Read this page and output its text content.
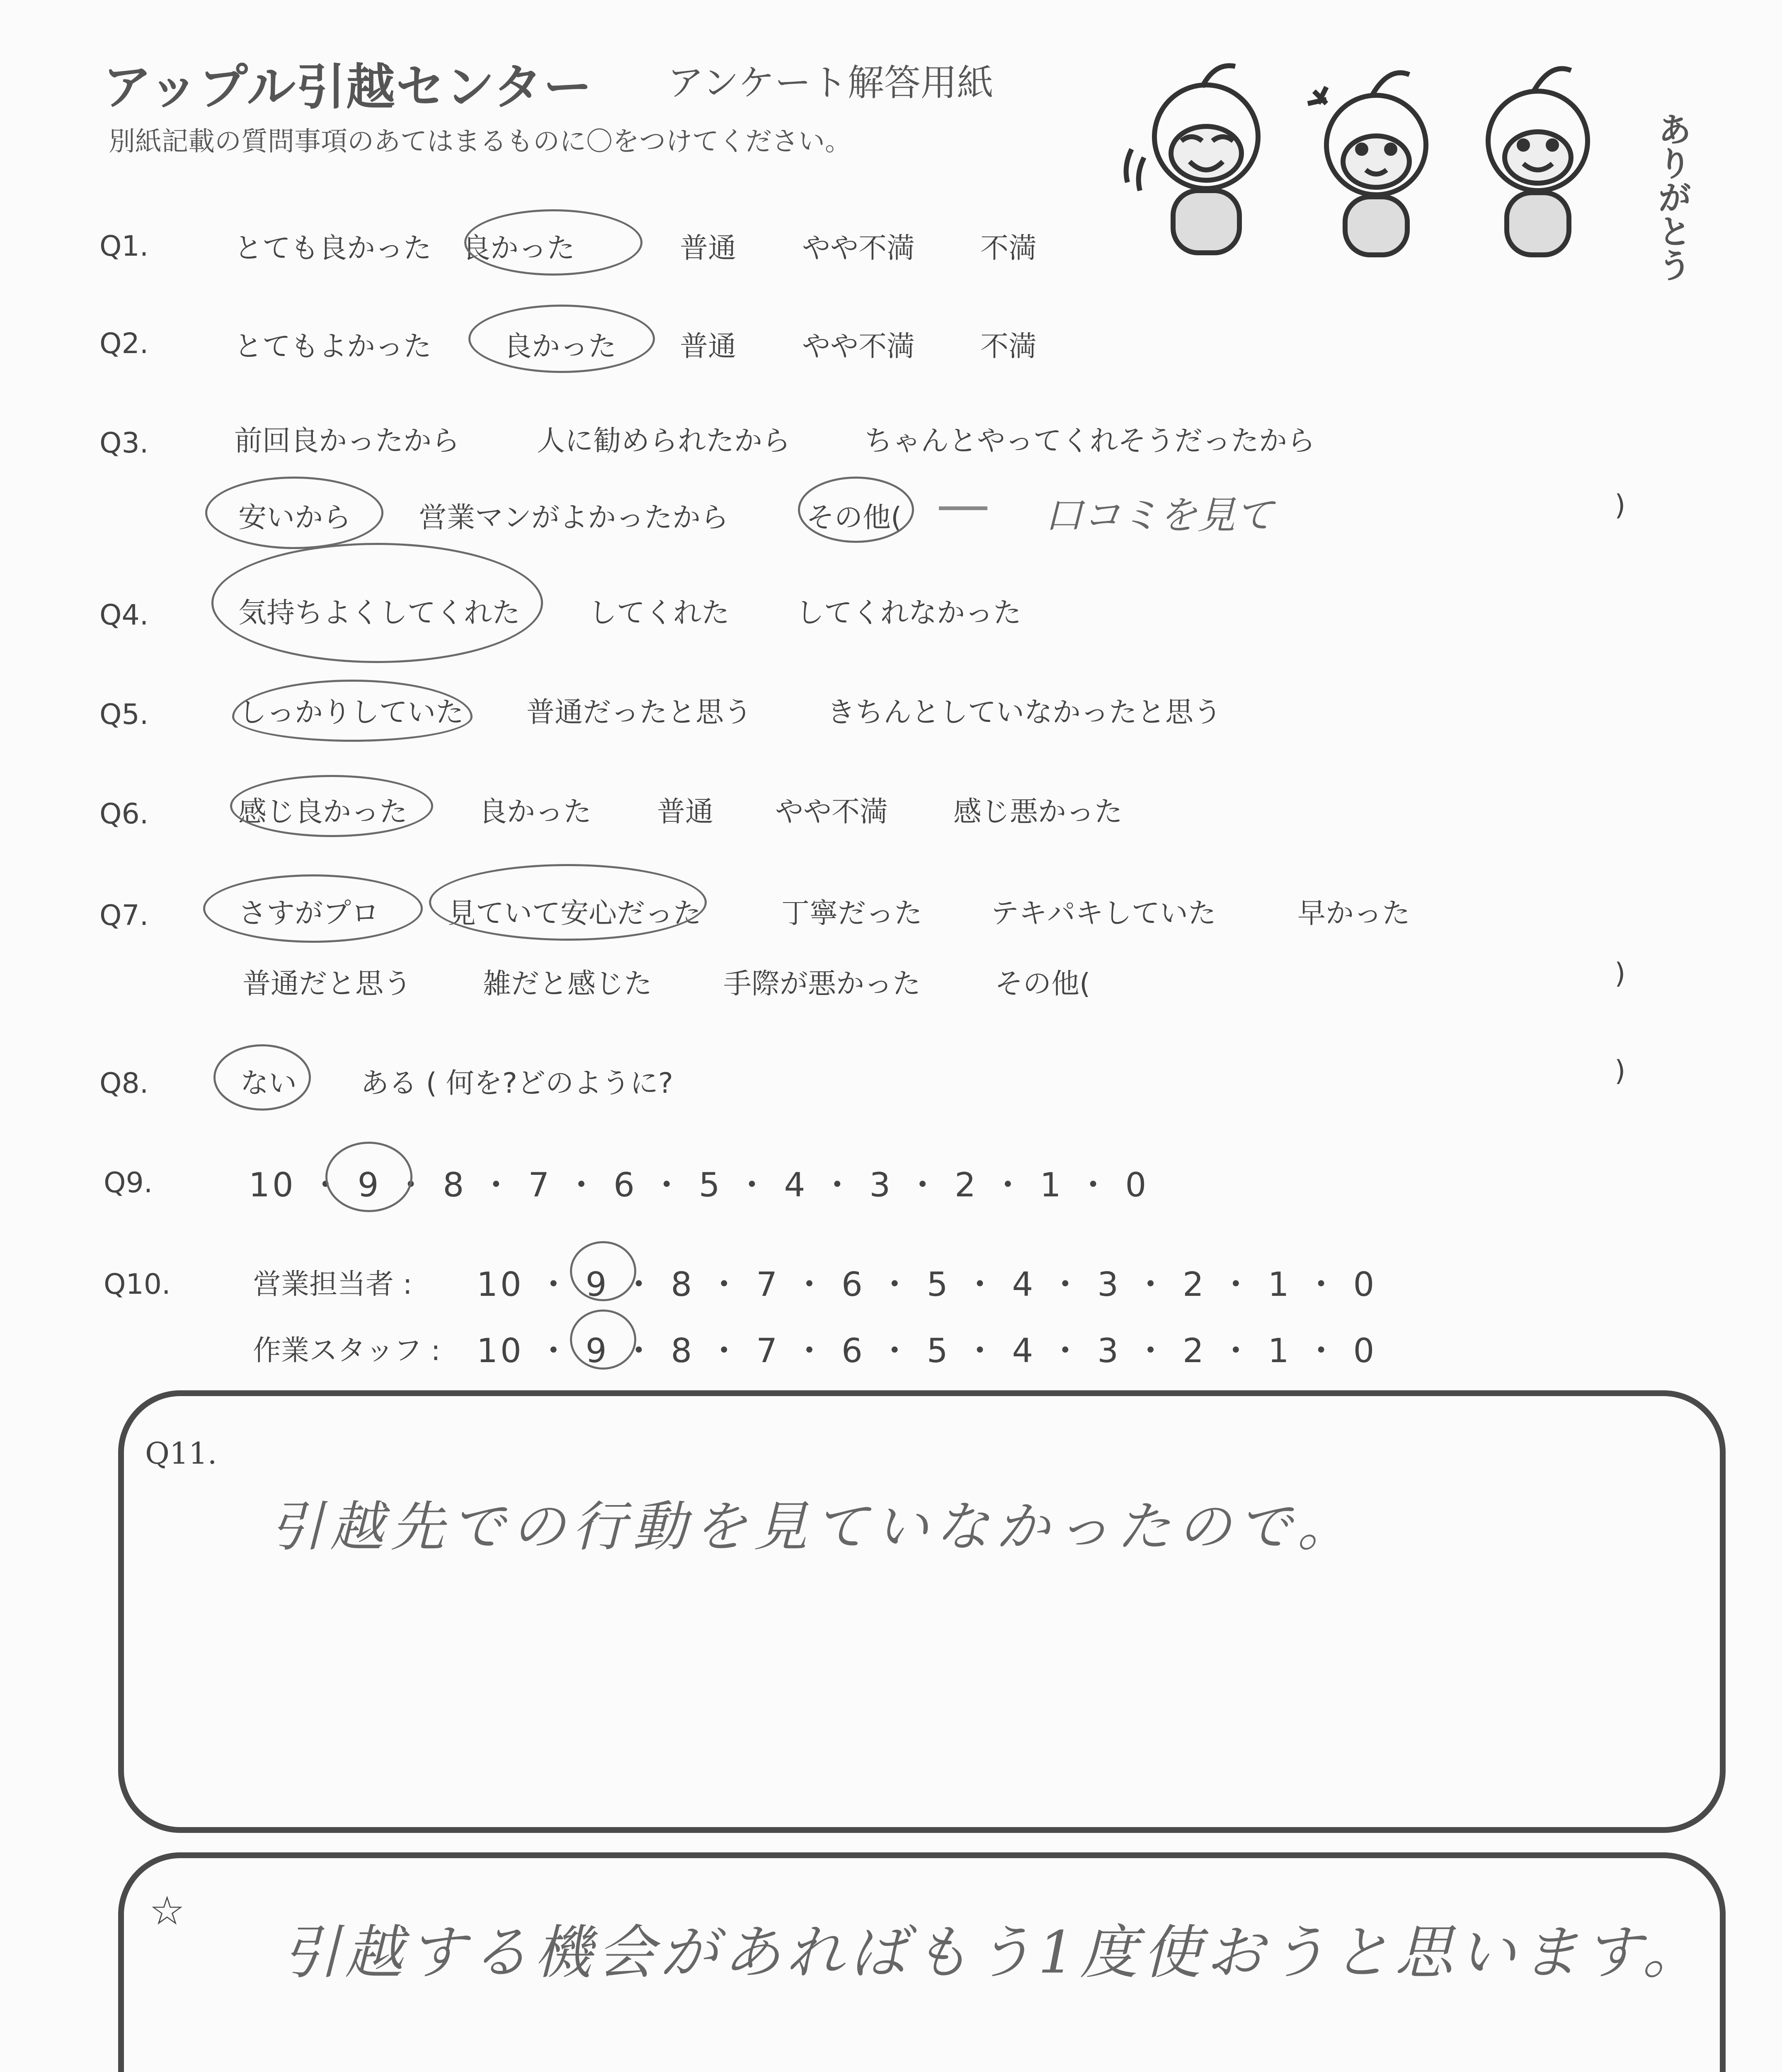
アップル引越センター アンケート解答用紙
別紙記載の質問事項のあてはまるものに〇をつけてください。	ありがとう
Q1.	とても良かった 良かった	普通 やや不満 不満
Q2.	とてもよかった	良かった 普通 やや不満 不満
Q3.	前回良かったから	人に勧められたから	ちゃんとやってくれそうだったから
安いから 営業マンがよかったから	その他(
	口コミを見て	)
Q4.	気持ちよくしてくれた してくれた してくれなかった
Q5.	しっかりしていた 普通だったと思う	きちんとしていなかったと思う
Q6.	感じ良かった	良かった 普通 やや不満 感じ悪かった
Q7.	さすがプロ 見ていて安心だった	丁寧だった テキパキしていた	早かった
普通だと思う	雑だと感じた	手際が悪かった	その他(	)
Q8.	ない ある ( 何を?どのように?	)
Q9.	10 ・ 9 ・ 8 ・ 7 ・ 6 ・ 5 ・ 4 ・ 3 ・ 2 ・ 1 ・ 0
Q10.	営業担当者 : 10 ・ 9 ・ 8 ・ 7 ・ 6 ・ 5 ・ 4 ・ 3 ・ 2 ・ 1 ・ 0
作業スタッフ : 10 ・ 9 ・ 8 ・ 7 ・ 6 ・ 5 ・ 4 ・ 3 ・ 2 ・ 1 ・ 0
Q11.
引越先での行動を見ていなかったので。
☆
引越する機会があればもう1度使おうと思います。
